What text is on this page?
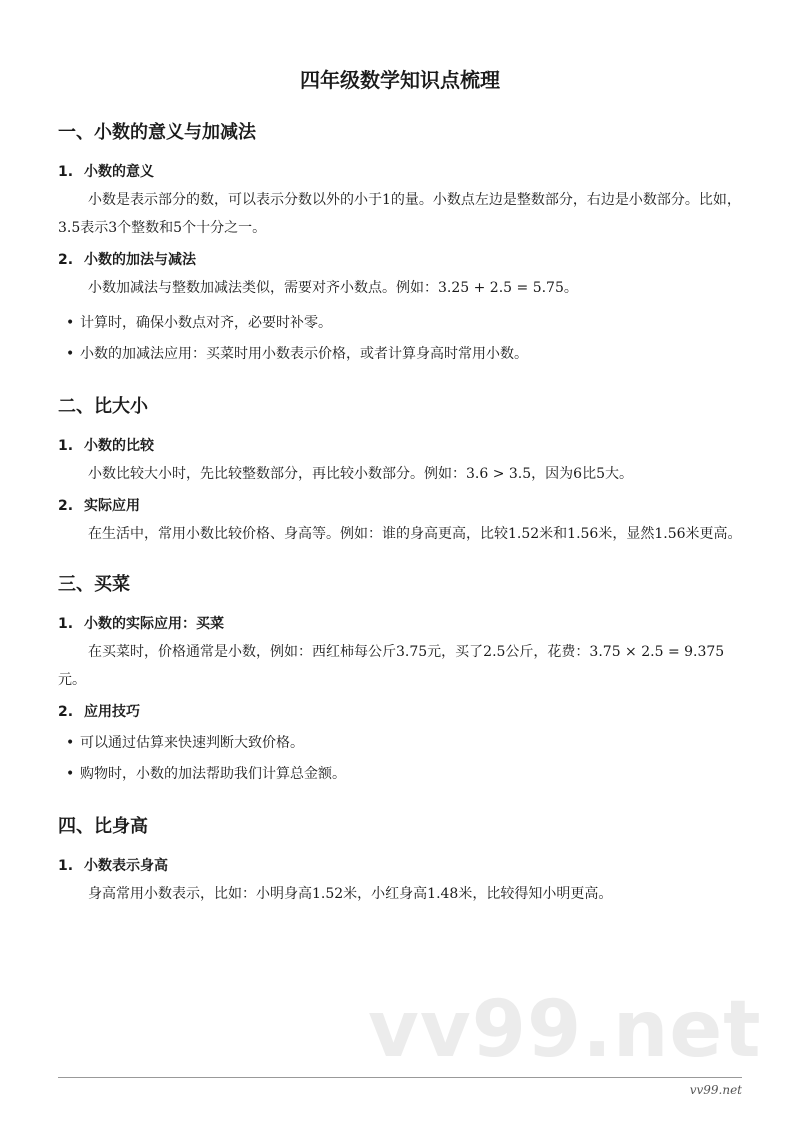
四年级数学知识点梳理
一、小数的意义与加减法
1. 小数的意义

小数是表示部分的数，可以表示分数以外的小于1的量。小数点左边是整数部分，右边是小数部分。比如，3.5表示3个整数和5个十分之一。

2. 小数的加法与减法

小数加减法与整数加减法类似，需要对齐小数点。例如：3.25 + 2.5 = 5.75。

• 计算时，确保小数点对齐，必要时补零。
• 小数的加减法应用：买菜时用小数表示价格，或者计算身高时常用小数。
二、比大小
1. 小数的比较

小数比较大小时，先比较整数部分，再比较小数部分。例如：3.6 > 3.5，因为6比5大。

2. 实际应用

在生活中，常用小数比较价格、身高等。例如：谁的身高更高，比较1.52米和1.56米，显然1.56米更高。

三、买菜
1. 小数的实际应用：买菜

在买菜时，价格通常是小数，例如：西红柿每公斤3.75元，买了2.5公斤，花费：3.75 × 2.5 = 9.375元。

2. 应用技巧
• 可以通过估算来快速判断大致价格。
• 购物时，小数的加法帮助我们计算总金额。
四、比身高
1. 小数表示身高

身高常用小数表示，比如：小明身高1.52米，小红身高1.48米，比较得知小明更高。

vv99.net
vv99.net
